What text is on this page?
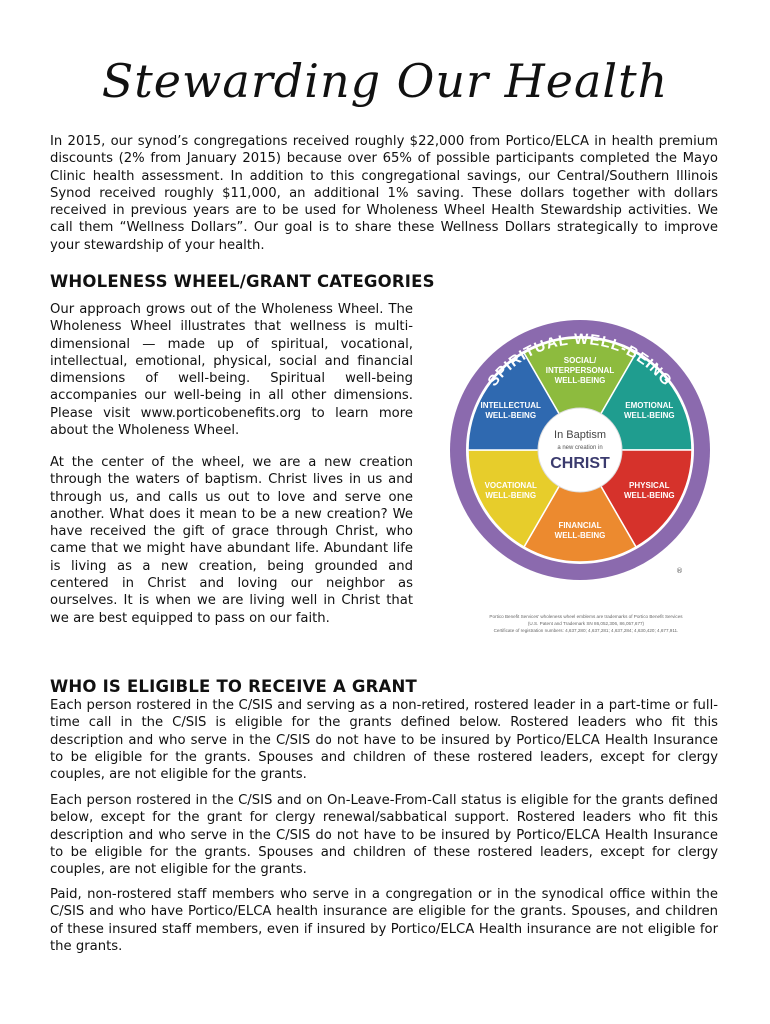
Stewarding Our Health

In 2015, our synod’s congregations received roughly $22,000 from Portico/ELCA in health premium discounts (2% from January 2015) because over 65% of possible participants completed the Mayo Clinic health assessment. In addition to this congregational savings, our Central/Southern Illinois Synod received roughly $11,000, an additional 1% saving. These dollars together with dollars received in previous years are to be used for Wholeness Wheel Health Stewardship activities. We call them “Wellness Dollars”. Our goal is to share these Wellness Dollars strategically to improve your stewardship of your health.

WHOLENESS WHEEL/GRANT CATEGORIES

Our approach grows out of the Wholeness Wheel. The Wholeness Wheel illustrates that wellness is multi-dimensional — made up of spiritual, vocational, intellectual, emotional, physical, social and financial dimensions of well-being. Spiritual well-being accompanies our well-being in all other dimensions. Please visit www.porticobenefits.org to learn more about the Wholeness Wheel.

At the center of the wheel, we are a new creation through the waters of baptism. Christ lives in us and through us, and calls us out to love and serve one another. What does it mean to be a new creation? We have received the gift of grace through Christ, who came that we might have abundant life. Abundant life is living as a new creation, being grounded and centered in Christ and loving our neighbor as ourselves. It is when we are living well in Christ that we are best equipped to pass on our faith.

SPIRITUAL WELL-BEING
In Baptism
a new creation in
CHRIST
SOCIAL/ INTERPERSONAL WELL-BEING
EMOTIONAL WELL-BEING
PHYSICAL WELL-BEING
FINANCIAL WELL-BEING
VOCATIONAL WELL-BEING
INTELLECTUAL WELL-BEING
®
Portico Benefit Services' wholeness wheel emblems are trademarks of Portico Benefit Services
(U.S. Patent and Trademark SN 86,052,306, 86,057,677)
Certificate of registration numbers: 4,637,280; 4,637,281; 4,637,284; 4,630,420; 4,677,911.
WHO IS ELIGIBLE TO RECEIVE A GRANT

Each person rostered in the C/SIS and serving as a non-retired, rostered leader in a part-time or full-time call in the C/SIS is eligible for the grants defined below. Rostered leaders who fit this description and who serve in the C/SIS do not have to be insured by Portico/ELCA Health Insurance to be eligible for the grants. Spouses and children of these rostered leaders, except for clergy couples, are not eligible for the grants.

Each person rostered in the C/SIS and on On-Leave-From-Call status is eligible for the grants defined below, except for the grant for clergy renewal/sabbatical support. Rostered leaders who fit this description and who serve in the C/SIS do not have to be insured by Portico/ELCA Health Insurance to be eligible for the grants. Spouses and children of these rostered leaders, except for clergy couples, are not eligible for the grants.

Paid, non-rostered staff members who serve in a congregation or in the synodical office within the C/SIS and who have Portico/ELCA health insurance are eligible for the grants. Spouses, and children of these insured staff members, even if insured by Portico/ELCA Health insurance are not eligible for the grants.
